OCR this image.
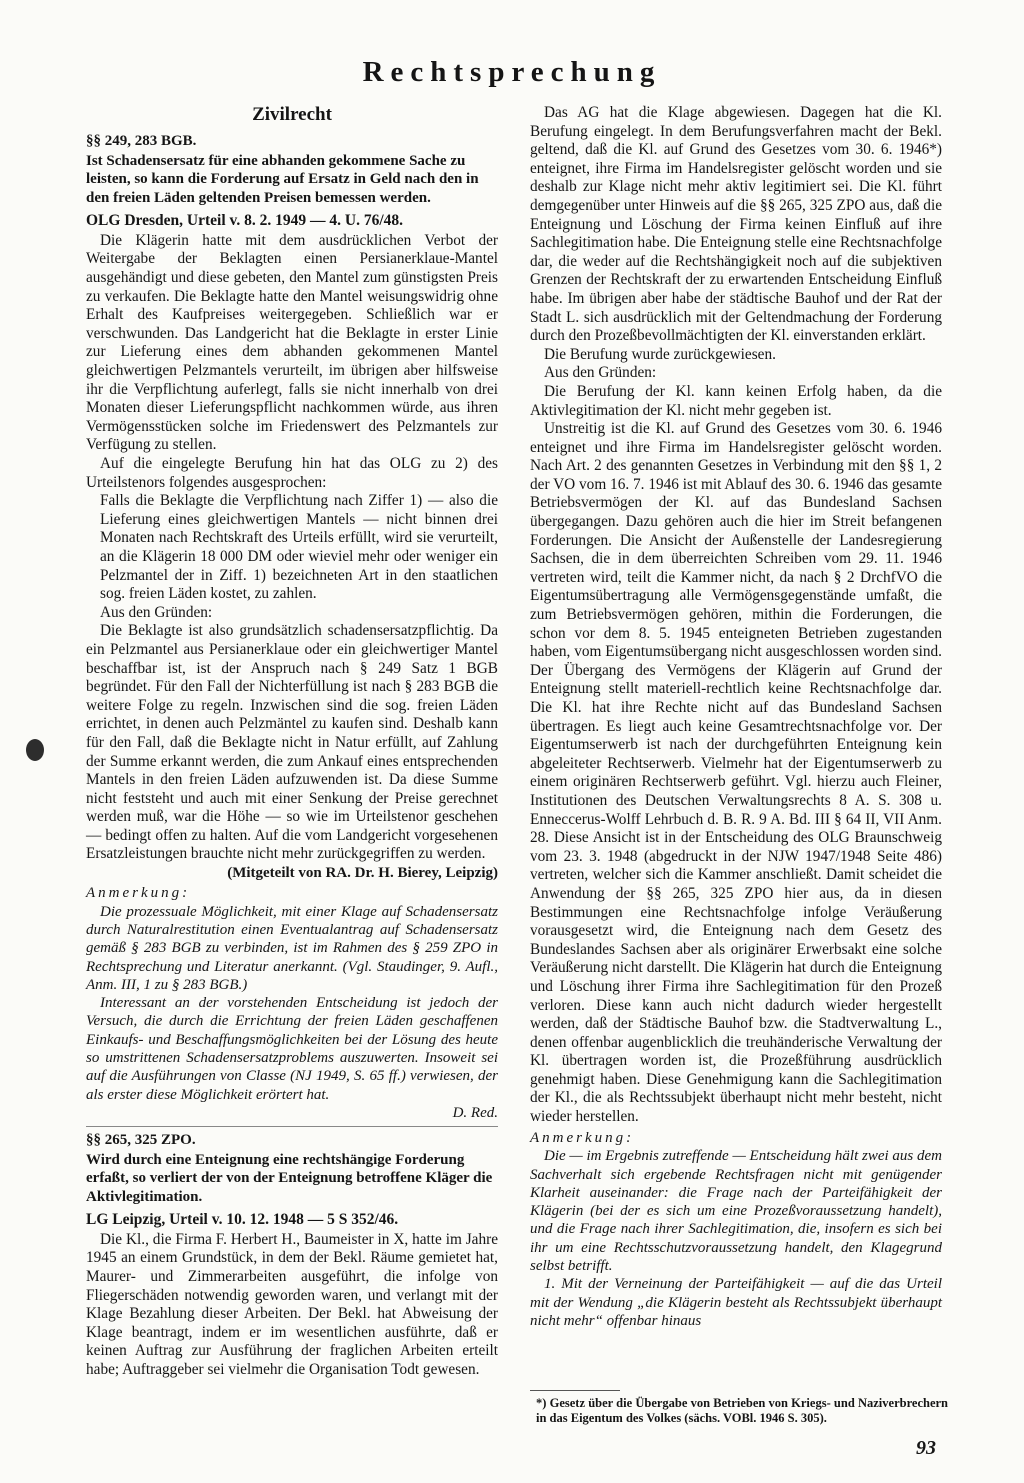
Rechtsprechung
Zivilrecht
§§ 249, 283 BGB.
Ist Schadensersatz für eine abhanden gekommene Sache zu leisten, so kann die Forderung auf Ersatz in Geld nach den in den freien Läden geltenden Preisen bemessen werden.
OLG Dresden, Urteil v. 8. 2. 1949 — 4. U. 76/48.

Die Klägerin hatte mit dem ausdrücklichen Verbot der Weitergabe der Beklagten einen Persianerklaue-Mantel ausgehändigt und diese gebeten, den Mantel zum günstigsten Preis zu verkaufen. Die Beklagte hatte den Mantel weisungswidrig ohne Erhalt des Kaufpreises weitergegeben. Schließlich war er verschwunden. Das Landgericht hat die Beklagte in erster Linie zur Lieferung eines dem abhanden gekommenen Mantel gleichwertigen Pelzmantels verurteilt, im übrigen aber hilfsweise ihr die Verpflichtung auferlegt, falls sie nicht innerhalb von drei Monaten dieser Lieferungspflicht nachkommen würde, aus ihren Vermögensstücken solche im Friedenswert des Pelzmantels zur Verfügung zu stellen.

Auf die eingelegte Berufung hin hat das OLG zu 2) des Urteilstenors folgendes ausgesprochen:

Falls die Beklagte die Verpflichtung nach Ziffer 1) — also die Lieferung eines gleichwertigen Mantels — nicht binnen drei Monaten nach Rechtskraft des Urteils erfüllt, wird sie verurteilt, an die Klägerin 18 000 DM oder wieviel mehr oder weniger ein Pelzmantel der in Ziff. 1) bezeichneten Art in den staatlichen sog. freien Läden kostet, zu zahlen.

Aus den Gründen:

Die Beklagte ist also grundsätzlich schadensersatzpflichtig. Da ein Pelzmantel aus Persianerklaue oder ein gleichwertiger Mantel beschaffbar ist, ist der Anspruch nach § 249 Satz 1 BGB begründet. Für den Fall der Nichterfüllung ist nach § 283 BGB die weitere Folge zu regeln. Inzwischen sind die sog. freien Läden errichtet, in denen auch Pelzmäntel zu kaufen sind. Deshalb kann für den Fall, daß die Beklagte nicht in Natur erfüllt, auf Zahlung der Summe erkannt werden, die zum Ankauf eines entsprechenden Mantels in den freien Läden aufzuwenden ist. Da diese Summe nicht feststeht und auch mit einer Senkung der Preise gerechnet werden muß, war die Höhe — so wie im Urteilstenor geschehen — bedingt offen zu halten. Auf die vom Landgericht vorgesehenen Ersatzleistungen brauchte nicht mehr zurückgegriffen zu werden.

(Mitgeteilt von RA. Dr. H. Bierey, Leipzig)
Anmerkung:

Die prozessuale Möglichkeit, mit einer Klage auf Schadensersatz durch Naturalrestitution einen Eventualantrag auf Schadensersatz gemäß § 283 BGB zu verbinden, ist im Rahmen des § 259 ZPO in Rechtsprechung und Literatur anerkannt. (Vgl. Staudinger, 9. Aufl., Anm. III, 1 zu § 283 BGB.)

Interessant an der vorstehenden Entscheidung ist jedoch der Versuch, die durch die Errichtung der freien Läden geschaffenen Einkaufs- und Beschaffungsmöglichkeiten bei der Lösung des heute so umstrittenen Schadensersatzproblems auszuwerten. Insoweit sei auf die Ausführungen von Classe (NJ 1949, S. 65 ff.) verwiesen, der als erster diese Möglichkeit erörtert hat.

D. Red.
§§ 265, 325 ZPO.
Wird durch eine Enteignung eine rechtshängige Forderung erfaßt, so verliert der von der Enteignung betroffene Kläger die Aktivlegitimation.
LG Leipzig, Urteil v. 10. 12. 1948 — 5 S 352/46.

Die Kl., die Firma F. Herbert H., Baumeister in X, hatte im Jahre 1945 an einem Grundstück, in dem der Bekl. Räume gemietet hat, Maurer- und Zimmerarbeiten ausgeführt, die infolge von Fliegerschäden notwendig geworden waren, und verlangt mit der Klage Bezahlung dieser Arbeiten. Der Bekl. hat Abweisung der Klage beantragt, indem er im wesentlichen ausführte, daß er keinen Auftrag zur Ausführung der fraglichen Arbeiten erteilt habe; Auftraggeber sei vielmehr die Organisation Todt gewesen.

Das AG hat die Klage abgewiesen. Dagegen hat die Kl. Berufung eingelegt. In dem Berufungsverfahren macht der Bekl. geltend, daß die Kl. auf Grund des Gesetzes vom 30. 6. 1946*) enteignet, ihre Firma im Handelsregister gelöscht worden und sie deshalb zur Klage nicht mehr aktiv legitimiert sei. Die Kl. führt demgegenüber unter Hinweis auf die §§ 265, 325 ZPO aus, daß die Enteignung und Löschung der Firma keinen Einfluß auf ihre Sachlegitimation habe. Die Enteignung stelle eine Rechtsnachfolge dar, die weder auf die Rechtshängigkeit noch auf die subjektiven Grenzen der Rechtskraft der zu erwartenden Entscheidung Einfluß habe. Im übrigen aber habe der städtische Bauhof und der Rat der Stadt L. sich ausdrücklich mit der Geltendmachung der Forderung durch den Prozeßbevollmächtigten der Kl. einverstanden erklärt.

Die Berufung wurde zurückgewiesen.

Aus den Gründen:

Die Berufung der Kl. kann keinen Erfolg haben, da die Aktivlegitimation der Kl. nicht mehr gegeben ist.

Unstreitig ist die Kl. auf Grund des Gesetzes vom 30. 6. 1946 enteignet und ihre Firma im Handelsregister gelöscht worden. Nach Art. 2 des genannten Gesetzes in Verbindung mit den §§ 1, 2 der VO vom 16. 7. 1946 ist mit Ablauf des 30. 6. 1946 das gesamte Betriebsvermögen der Kl. auf das Bundesland Sachsen übergegangen. Dazu gehören auch die hier im Streit befangenen Forderungen. Die Ansicht der Außenstelle der Landesregierung Sachsen, die in dem überreichten Schreiben vom 29. 11. 1946 vertreten wird, teilt die Kammer nicht, da nach § 2 DrchfVO die Eigentumsübertragung alle Vermögensgegenstände umfaßt, die zum Betriebsvermögen gehören, mithin die Forderungen, die schon vor dem 8. 5. 1945 enteigneten Betrieben zugestanden haben, vom Eigentumsübergang nicht ausgeschlossen worden sind. Der Übergang des Vermögens der Klägerin auf Grund der Enteignung stellt materiell-rechtlich keine Rechtsnachfolge dar. Die Kl. hat ihre Rechte nicht auf das Bundesland Sachsen übertragen. Es liegt auch keine Gesamtrechtsnachfolge vor. Der Eigentumserwerb ist nach der durchgeführten Enteignung kein abgeleiteter Rechtserwerb. Vielmehr hat der Eigentumserwerb zu einem originären Rechtserwerb geführt. Vgl. hierzu auch Fleiner, Institutionen des Deutschen Verwaltungsrechts 8 A. S. 308 u. Enneccerus-Wolff Lehrbuch d. B. R. 9 A. Bd. III § 64 II, VII Anm. 28. Diese Ansicht ist in der Entscheidung des OLG Braunschweig vom 23. 3. 1948 (abgedruckt in der NJW 1947/1948 Seite 486) vertreten, welcher sich die Kammer anschließt. Damit scheidet die Anwendung der §§ 265, 325 ZPO hier aus, da in diesen Bestimmungen eine Rechtsnachfolge infolge Veräußerung vorausgesetzt wird, die Enteignung nach dem Gesetz des Bundeslandes Sachsen aber als originärer Erwerbsakt eine solche Veräußerung nicht darstellt. Die Klägerin hat durch die Enteignung und Löschung ihrer Firma ihre Sachlegitimation für den Prozeß verloren. Diese kann auch nicht dadurch wieder hergestellt werden, daß der Städtische Bauhof bzw. die Stadtverwaltung L., denen offenbar augenblicklich die treuhänderische Verwaltung der Kl. übertragen worden ist, die Prozeßführung ausdrücklich genehmigt haben. Diese Genehmigung kann die Sachlegitimation der Kl., die als Rechtssubjekt überhaupt nicht mehr besteht, nicht wieder herstellen.

Anmerkung:

Die — im Ergebnis zutreffende — Entscheidung hält zwei aus dem Sachverhalt sich ergebende Rechtsfragen nicht mit genügender Klarheit auseinander: die Frage nach der Parteifähigkeit der Klägerin (bei der es sich um eine Prozeßvoraussetzung handelt), und die Frage nach ihrer Sachlegitimation, die, insofern es sich bei ihr um eine Rechtsschutzvoraussetzung handelt, den Klagegrund selbst betrifft.

1. Mit der Verneinung der Parteifähigkeit — auf die das Urteil mit der Wendung „die Klägerin besteht als Rechtssubjekt überhaupt nicht mehr“ offenbar hinaus

*) Gesetz über die Übergabe von Betrieben von Kriegs- und Naziverbrechern in das Eigentum des Volkes (sächs. VOBl. 1946 S. 305).
93
